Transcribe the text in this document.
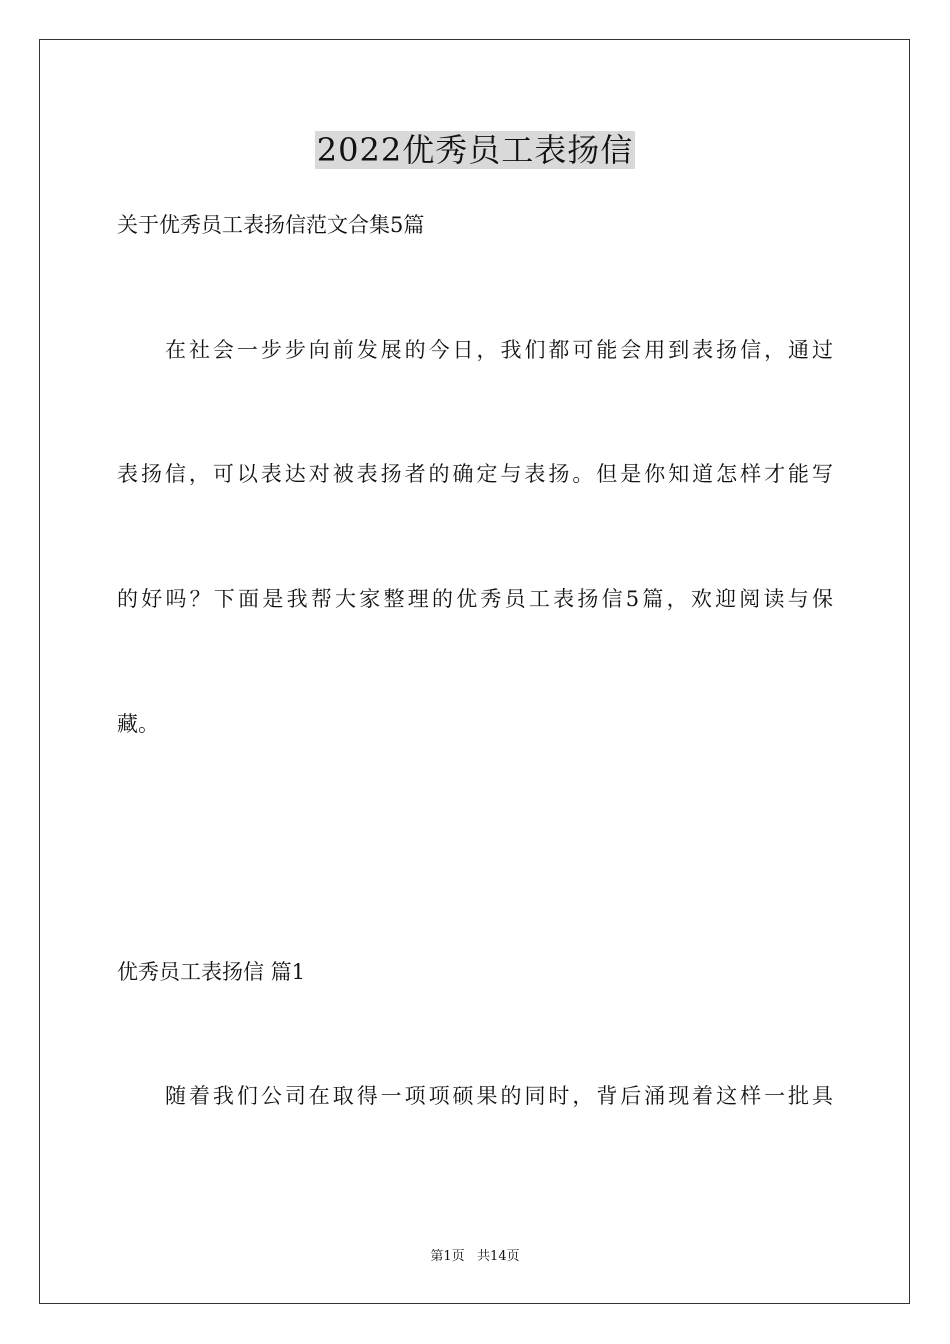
2022优秀员工表扬信
关于优秀员工表扬信范文合集5篇
在社会一步步向前发展的今日，我们都可能会用到表扬信，通过
表扬信，可以表达对被表扬者的确定与表扬。但是你知道怎样才能写
的好吗？下面是我帮大家整理的优秀员工表扬信5篇，欢迎阅读与保
藏。
优秀员工表扬信 篇1
随着我们公司在取得一项项硕果的同时，背后涌现着这样一批具
第1页   共14页
